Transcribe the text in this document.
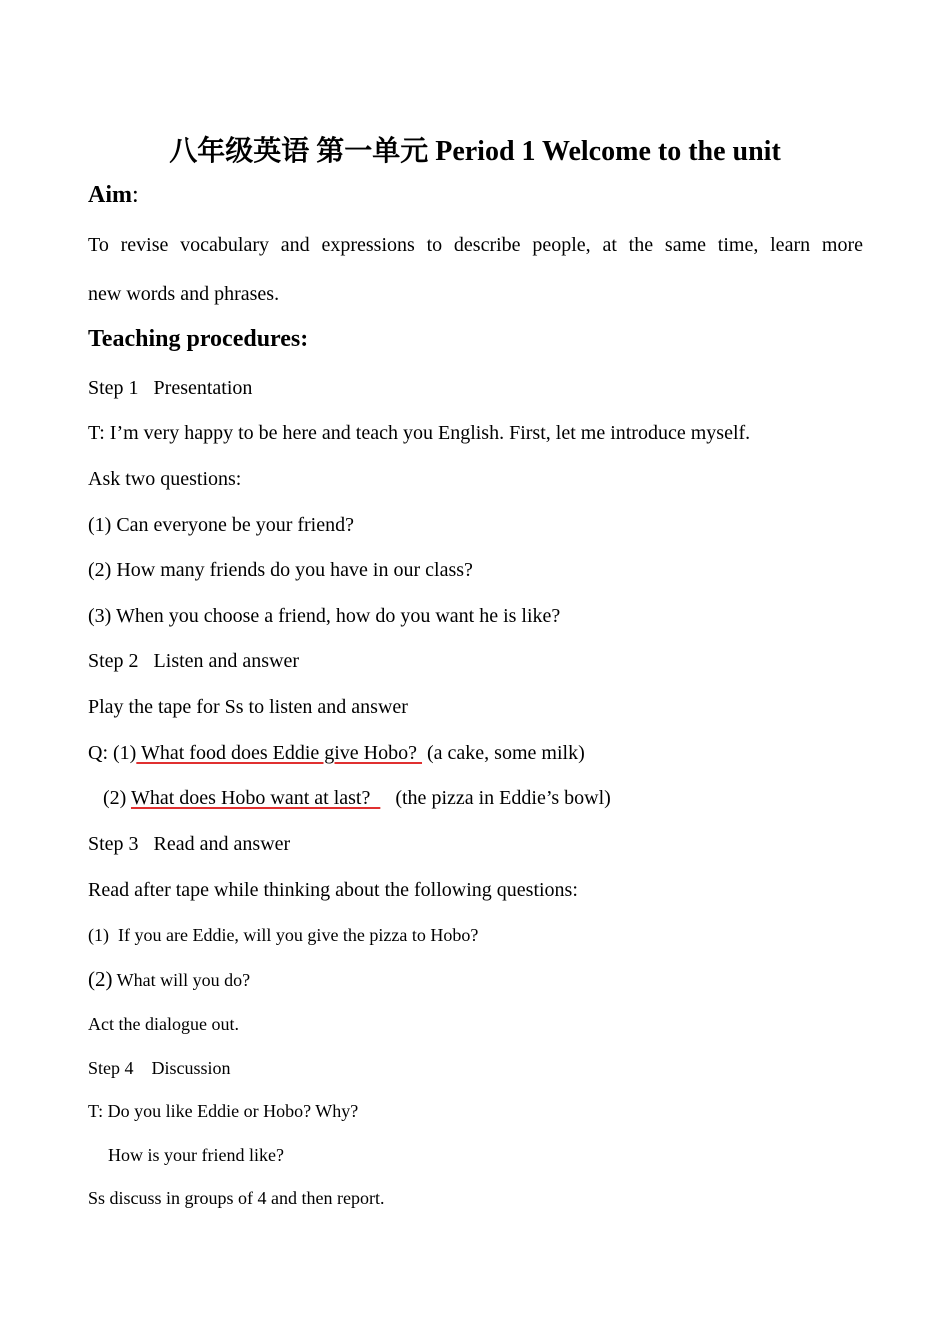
八年级英语 第一单元 Period 1 Welcome to the unit
Aim:
To revise vocabulary and expressions to describe people, at the same time, learn more
new words and phrases.
Teaching procedures:
Step 1   Presentation
T: I’m very happy to be here and teach you English. First, let me introduce myself.
Ask two questions:
(1) Can everyone be your friend?
(2) How many friends do you have in our class?
(3) When you choose a friend, how do you want he is like?
Step 2   Listen and answer
Play the tape for Ss to listen and answer
Q: (1) What food does Eddie give Hobo?  (a cake, some milk)
(2) What does Hobo want at last?     (the pizza in Eddie’s bowl)
Step 3   Read and answer
Read after tape while thinking about the following questions:
(1)  If you are Eddie, will you give the pizza to Hobo?
(2) What will you do?
Act the dialogue out.
Step 4    Discussion
T: Do you like Eddie or Hobo? Why?
How is your friend like?
Ss discuss in groups of 4 and then report.
